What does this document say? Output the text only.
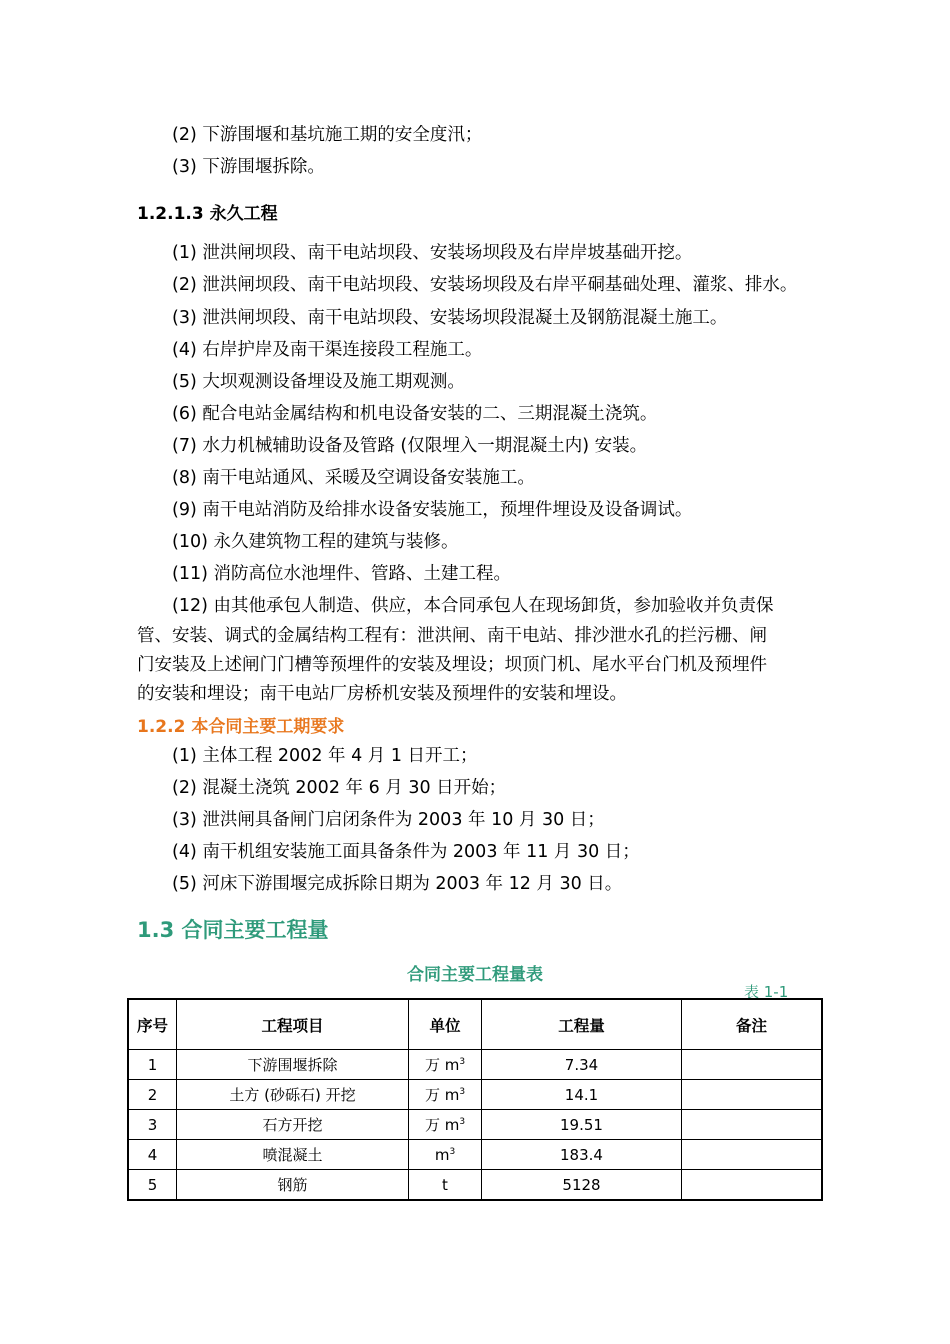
(2) 下游围堰和基坑施工期的安全度汛；
(3) 下游围堰拆除。
1.2.1.3 永久工程
(1) 泄洪闸坝段、南干电站坝段、安装场坝段及右岸岸坡基础开挖。
(2) 泄洪闸坝段、南干电站坝段、安装场坝段及右岸平硐基础处理、灌浆、排水。
(3) 泄洪闸坝段、南干电站坝段、安装场坝段混凝土及钢筋混凝土施工。
(4) 右岸护岸及南干渠连接段工程施工。
(5) 大坝观测设备埋设及施工期观测。
(6) 配合电站金属结构和机电设备安装的二、三期混凝土浇筑。
(7) 水力机械辅助设备及管路 (仅限埋入一期混凝土内) 安装。
(8) 南干电站通风、采暖及空调设备安装施工。
(9) 南干电站消防及给排水设备安装施工，预埋件埋设及设备调试。
(10) 永久建筑物工程的建筑与装修。
(11) 消防高位水池埋件、管路、土建工程。
(12) 由其他承包人制造、供应，本合同承包人在现场卸货，参加验收并负责保
管、安装、调式的金属结构工程有：泄洪闸、南干电站、排沙泄水孔的拦污栅、闸
门安装及上述闸门门槽等预埋件的安装及埋设；坝顶门机、尾水平台门机及预埋件
的安装和埋设；南干电站厂房桥机安装及预埋件的安装和埋设。
1.2.2 本合同主要工期要求
(1) 主体工程 2002 年 4 月 1 日开工；
(2) 混凝土浇筑 2002 年 6 月 30 日开始；
(3) 泄洪闸具备闸门启闭条件为 2003 年 10 月 30 日；
(4) 南干机组安装施工面具备条件为 2003 年 11 月 30 日；
(5) 河床下游围堰完成拆除日期为 2003 年 12 月 30 日。
1.3 合同主要工程量
合同主要工程量表
表 1-1
序号	工程项目	单位	工程量	备注
1	下游围堰拆除	万 $m^3$	7.34	
2	土方 (砂砾石) 开挖	万 $m^3$	14.1	
3	石方开挖	万 $m^3$	19.51	
4	喷混凝土	$m^3$	183.4	
5	钢筋	t	5128	
